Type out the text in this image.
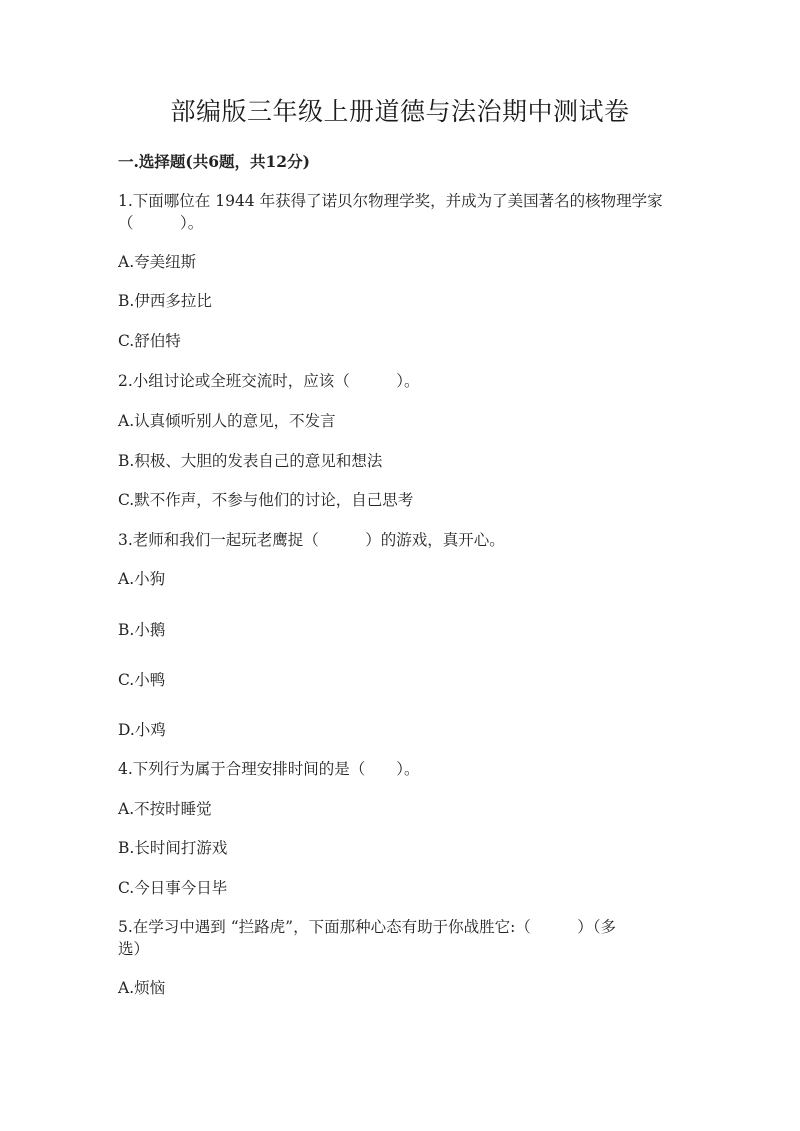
部编版三年级上册道德与法治期中测试卷
一.选择题(共6题，共12分)
1.下面哪位在 1944 年获得了诺贝尔物理学奖，并成为了美国著名的核物理学家
（　　　）。
A.夸美纽斯
B.伊西多拉比
C.舒伯特
2.小组讨论或全班交流时，应该（　　　）。
A.认真倾听别人的意见，不发言
B.积极、大胆的发表自己的意见和想法
C.默不作声，不参与他们的讨论，自己思考
3.老师和我们一起玩老鹰捉（　　　）的游戏，真开心。
A.小狗
B.小鹅
C.小鸭
D.小鸡
4.下列行为属于合理安排时间的是（　　）。
A.不按时睡觉
B.长时间打游戏
C.今日事今日毕
5.在学习中遇到 “拦路虎”，下面那种心态有助于你战胜它:（　　　）（多
选）
A.烦恼
